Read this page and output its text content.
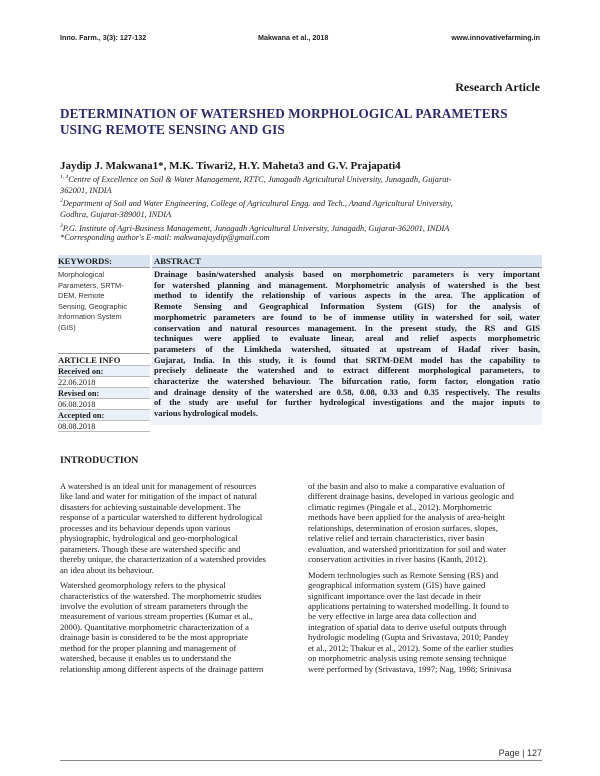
Inno. Farm., 3(3): 127-132	Makwana et al., 2018	www.innovativefarming.in
Research Article
DETERMINATION OF WATERSHED MORPHOLOGICAL PARAMETERS
USING REMOTE SENSING AND GIS
Jaydip J. Makwana1*, M.K. Tiwari2, H.Y. Maheta3 and G.V. Prajapati4
$^{1, 4}$Centre of Excellence on Soil & Water Management, RTTC, Junagadh Agricultural University, Junagadh, Gujarat-
362001, INDIA
$^2$Department of Soil and Water Engineering, College of Agricultural Engg. and Tech., Anand Agricultural University,
Godhra, Gujarat-389001, INDIA
$^3$P.G. Institute of Agri-Business Management, Junagadh Agricultural University, Junagadh, Gujarat-362001, INDIA
*Corresponding author's E-mail: makwanajaydip@gmail.com
KEYWORDS:
Morphological
Parameters, SRTM-
DEM, Remote
Sensing, Geographic
Information System
(GIS)
ARTICLE INFO
Received on:
22.06.2018
Revised on:
06.08.2018
Accepted on:
08.08.2018
ABSTRACT
Drainage basin/watershed analysis based on morphometric parameters is very important
for watershed planning and management. Morphometric analysis of watershed is the best
method to identify the relationship of various aspects in the area. The application of
Remote Sensing and Geographical Information System (GIS) for the analysis of
morphometric parameters are found to be of immense utility in watershed for soil, water
conservation and natural resources management. In the present study, the RS and GIS
techniques were applied to evaluate linear, areal and relief aspects morphometric
parameters of the Limkheda watershed, situated at upstream of Hadaf river basin,
Gujarat, India. In this study, it is found that SRTM-DEM model has the capability to
precisely delineate the watershed and to extract different morphological parameters, to
characterize the watershed behaviour. The bifurcation ratio, form factor, elongation ratio
and drainage density of the watershed are 0.58, 0.08, 0.33 and 0.35 respectively. The results
of the study are useful for further hydrological investigations and the major inputs to
various hydrological models.
INTRODUCTION

A watershed is an ideal unit for management of resources
like land and water for mitigation of the impact of natural
disasters for achieving sustainable development. The
response of a particular watershed to different hydrological
processes and its behaviour depends upon various
physiographic, hydrological and geo-morphological
parameters. Though these are watershed specific and
thereby unique, the characterization of a watershed provides
an idea about its behaviour.

Watershed geomorphology refers to the physical
characteristics of the watershed. The morphometric studies
involve the evolution of stream parameters through the
measurement of various stream properties (Kumar et al.,
2000). Quantitative morphometric characterization of a
drainage basin is considered to be the most appropriate
method for the proper planning and management of
watershed, because it enables us to understand the
relationship among different aspects of the drainage pattern

of the basin and also to make a comparative evaluation of
different drainage basins, developed in various geologic and
climatic regimes (Pingale et al., 2012). Morphometric
methods have been applied for the analysis of area-height
relationships, determination of erosion surfaces, slopes,
relative relief and terrain characteristics, river basin
evaluation, and watershed prioritization for soil and water
conservation activities in river basins (Kanth, 2012).

Modern technologies such as Remote Sensing (RS) and
geographical information system (GIS) have gained
significant importance over the last decade in their
applications pertaining to watershed modelling. It found to
be very effective in large area data collection and
integration of spatial data to derive useful outputs through
hydrologic modeling (Gupta and Srivastava, 2010; Pandey
et al., 2012; Thakur et al., 2012). Some of the earlier studies
on morphometric analysis using remote sensing technique
were performed by (Srivastava, 1997; Nag, 1998; Srinivasa

Page | 127
